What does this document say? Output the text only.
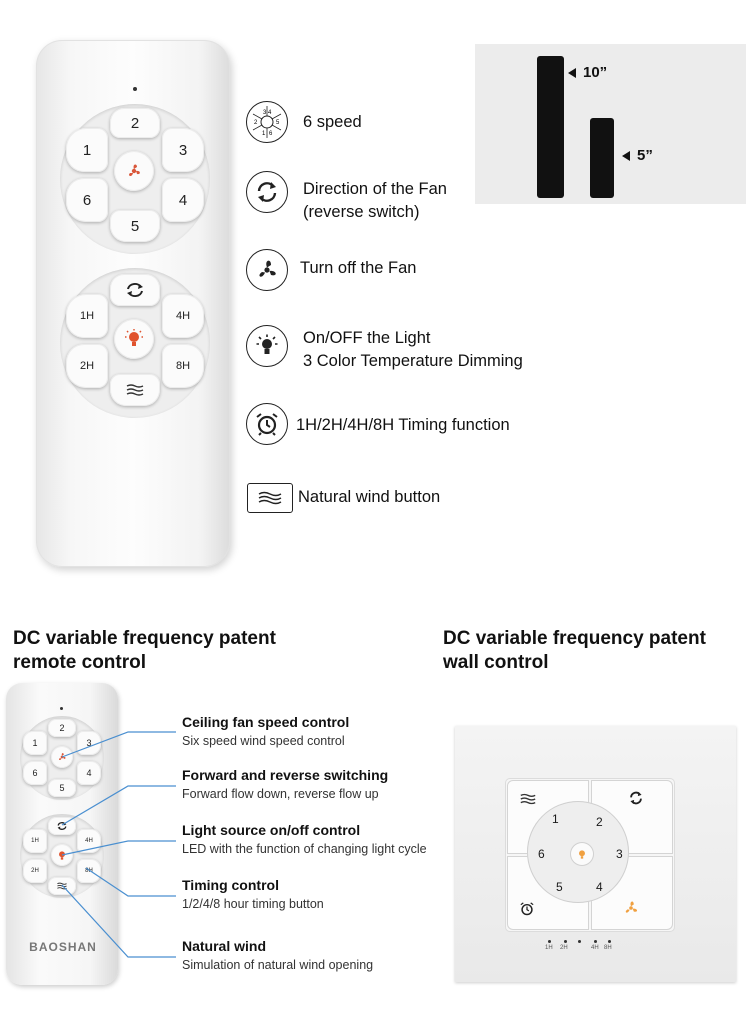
2
1	3
6	4
5
1H	4H
2H	8H
3 4
2	5
1 6
6 speed
Direction of the Fan
(reverse switch)
Turn off the Fan
On/OFF the Light
3 Color Temperature Dimming
1H/2H/4H/8H Timing function
Natural wind button
10”
5”
DC variable frequency patent
remote control
DC variable frequency patent
wall control
2
1	3
6	4
5
1H	4H
2H	8H
BAOSHAN
Ceiling fan speed control
Six speed wind speed control
Forward and reverse switching
Forward flow down, reverse flow up
Light source on/off control
LED with the function of changing light cycle
Timing control
1/2/4/8 hour timing button
Natural wind
Simulation of natural wind opening
1	2
6	3
5	4
1H 2H	4H 8H
